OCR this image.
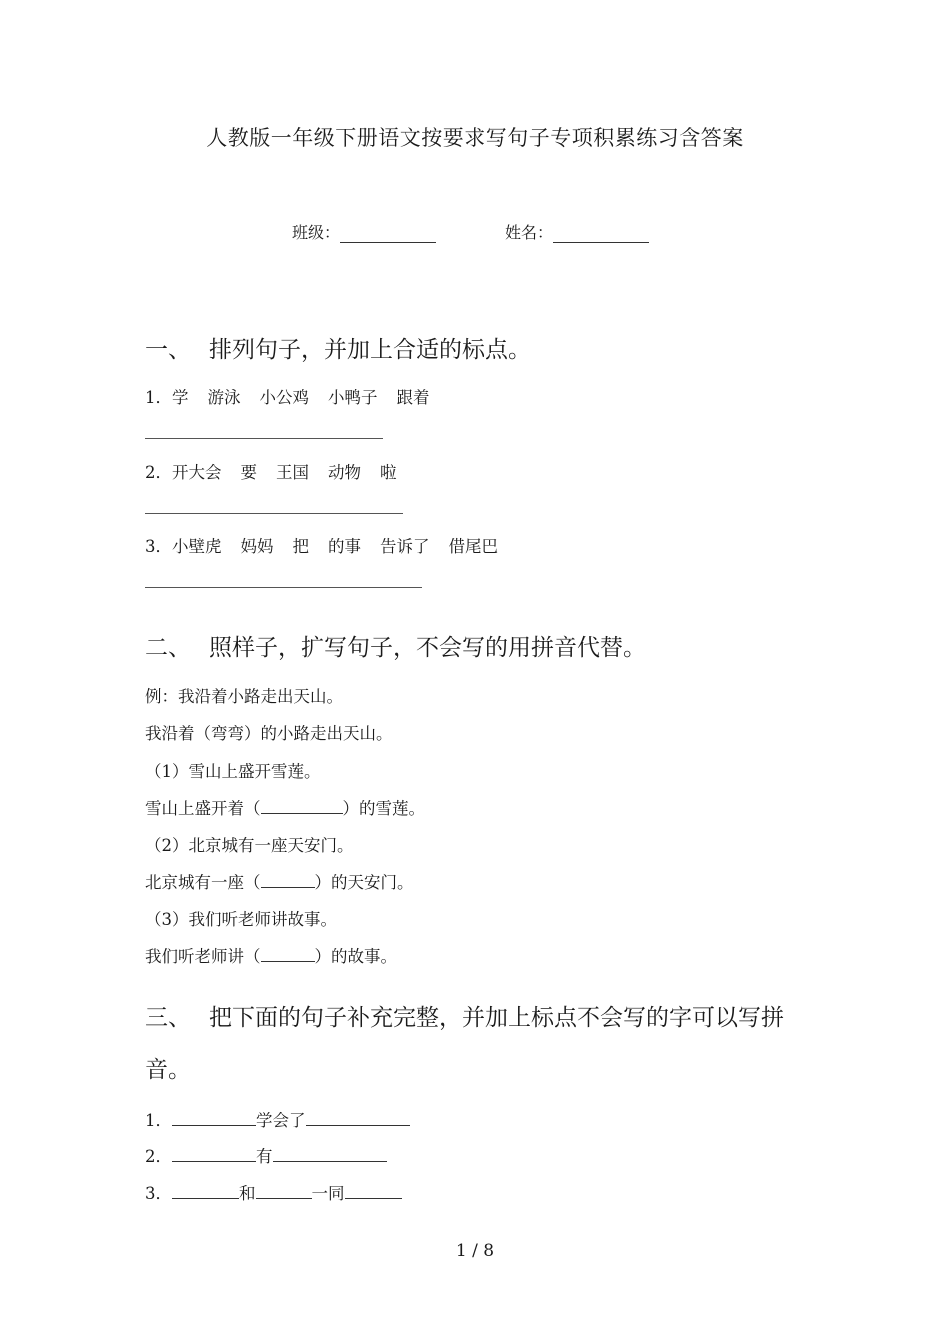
人教版一年级下册语文按要求写句子专项积累练习含答案
班级：	姓名：
一、 排列句子，并加上合适的标点。
1．学 游泳 小公鸡 小鸭子 跟着
2．开大会 要 王国 动物 啦
3．小壁虎 妈妈 把 的事 告诉了 借尾巴
二、 照样子，扩写句子，不会写的用拼音代替。
例：我沿着小路走出天山。
我沿着（弯弯）的小路走出天山。
（1）雪山上盛开雪莲。
雪山上盛开着（	）的雪莲。
（2）北京城有一座天安门。
北京城有一座（	）的天安门。
（3）我们听老师讲故事。
我们听老师讲（	）的故事。
三、 把下面的句子补充完整，并加上标点不会写的字可以写拼音。
1．	学会了
2．	有
3．	和	一同
1 / 8
